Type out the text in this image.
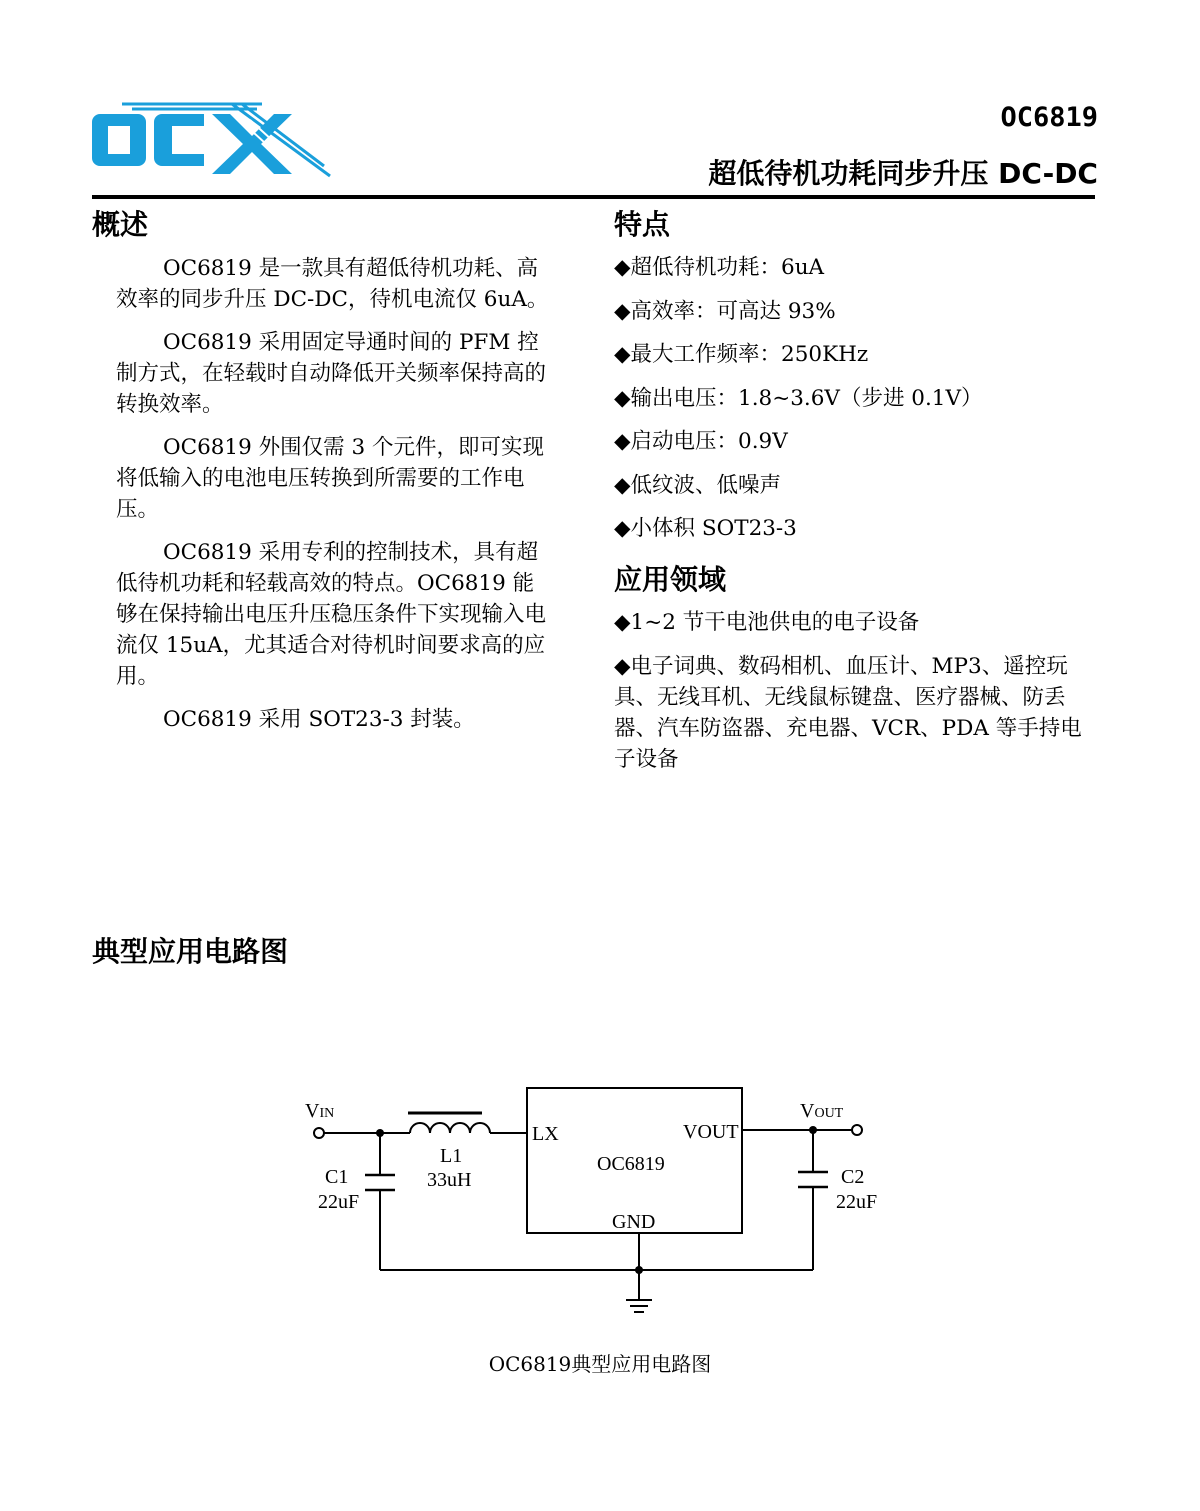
OC6819
超低待机功耗同步升压 DC-DC
概述

OC6819 是一款具有超低待机功耗、高效率的同步升压 DC-DC，待机电流仅 6uA。

OC6819 采用固定导通时间的 PFM 控制方式，在轻载时自动降低开关频率保持高的转换效率。

OC6819 外围仅需 3 个元件，即可实现将低输入的电池电压转换到所需要的工作电压。

OC6819 采用专利的控制技术，具有超低待机功耗和轻载高效的特点。OC6819 能够在保持输出电压升压稳压条件下实现输入电流仅 15uA，尤其适合对待机时间要求高的应用。

OC6819 采用 SOT23-3 封装。

特点
◆超低待机功耗：6uA
◆高效率：可高达 93%
◆最大工作频率：250KHz
◆输出电压：1.8~3.6V（步进 0.1V）
◆启动电压：0.9V
◆低纹波、低噪声
◆小体积 SOT23-3
应用领域
◆1~2 节干电池供电的电子设备
◆电子词典、数码相机、血压计、MP3、遥控玩具、无线耳机、无线鼠标键盘、医疗器械、防丢器、汽车防盗器、充电器、VCR、PDA 等手持电子设备
典型应用电路图
VIN	VOUT
L1
33uH
C1
22uF
C2
22uF
LX	VOUT
OC6819
GND
OC6819典型应用电路图
